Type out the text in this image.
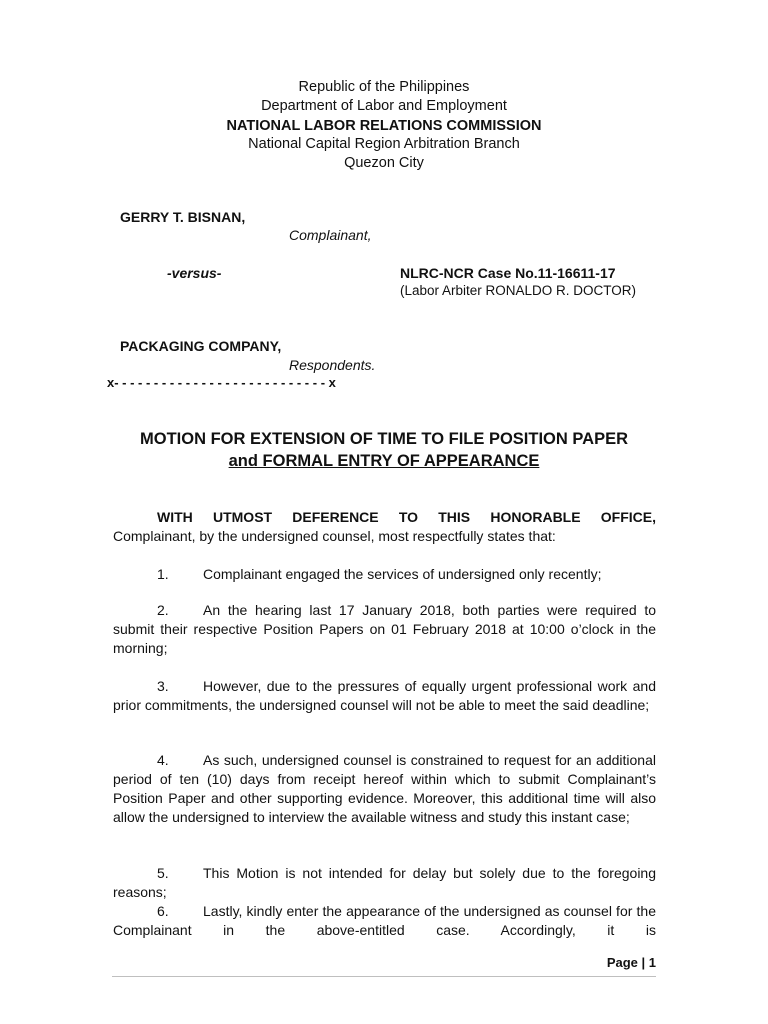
Republic of the Philippines
Department of Labor and Employment
NATIONAL LABOR RELATIONS COMMISSION
National Capital Region Arbitration Branch
Quezon City
GERRY T. BISNAN,
Complainant,
-versus-	NLRC-NCR Case No.11-16611-17
(Labor Arbiter RONALDO R. DOCTOR)
PACKAGING COMPANY,
Respondents.
x- - - - - - - - - - - - - - - - - - - - - - - - - - - x
MOTION FOR EXTENSION OF TIME TO FILE POSITION PAPER
and FORMAL ENTRY OF APPEARANCE
WITH UTMOST DEFERENCE TO THIS HONORABLE OFFICE, Complainant, by the undersigned counsel, most respectfully states that:
1. Complainant engaged the services of undersigned only recently;
2. An the hearing last 17 January 2018, both parties were required to submit their respective Position Papers on 01 February 2018 at 10:00 o’clock in the morning;
3. However, due to the pressures of equally urgent professional work and prior commitments, the undersigned counsel will not be able to meet the said deadline;
4. As such, undersigned counsel is constrained to request for an additional period of ten (10) days from receipt hereof within which to submit Complainant’s Position Paper and other supporting evidence. Moreover, this additional time will also allow the undersigned to interview the available witness and study this instant case;
5. This Motion is not intended for delay but solely due to the foregoing reasons;
6. Lastly, kindly enter the appearance of the undersigned as counsel for the Complainant in the above-entitled case. Accordingly, it is
Page | 1
